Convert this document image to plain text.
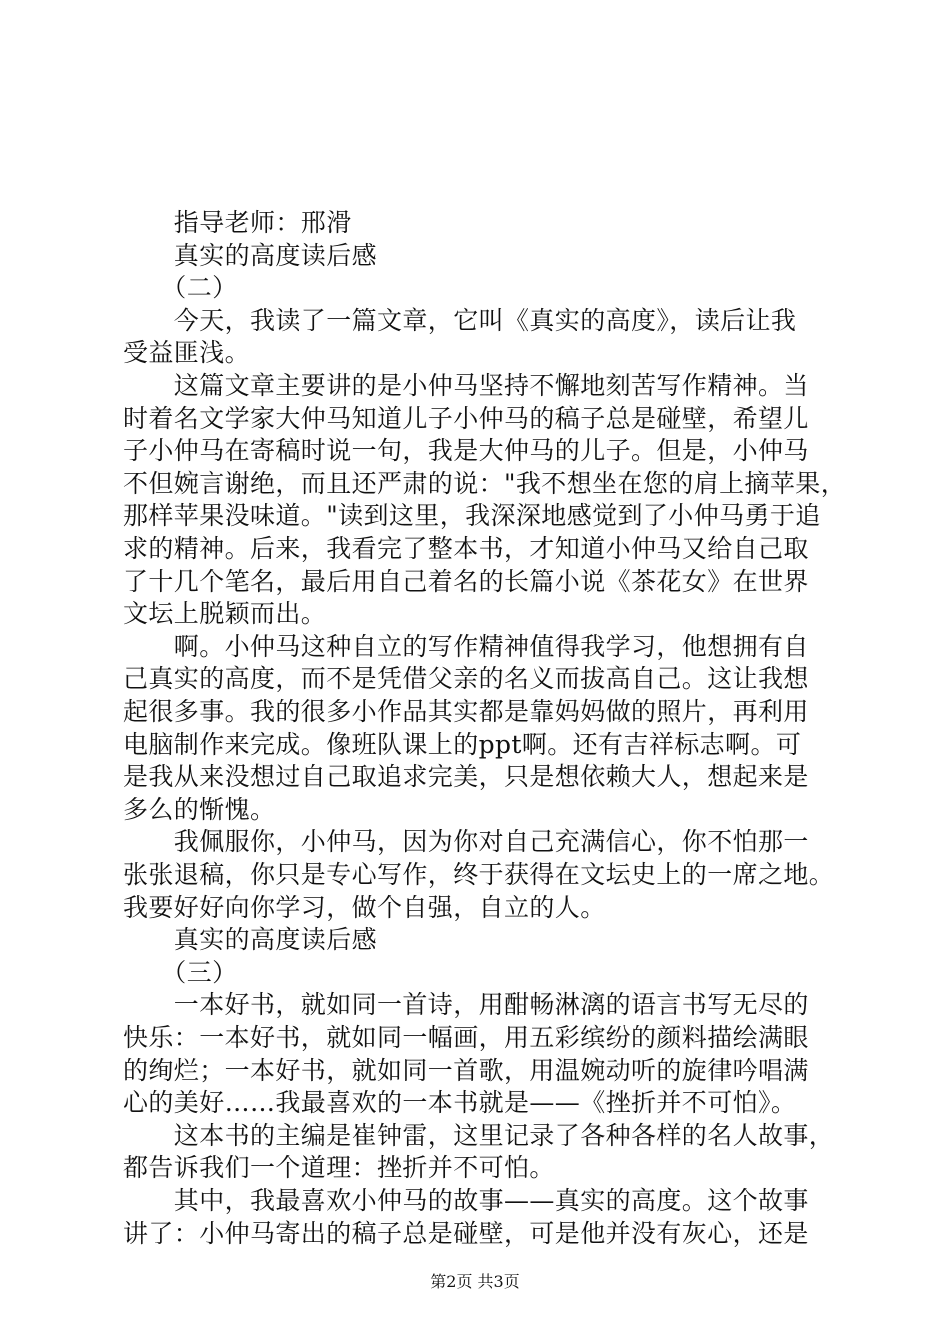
　　指导老师：邢滑
　　真实的高度读后感
　　（二）
　　今天，我读了一篇文章，它叫《真实的高度》，读后让我
受益匪浅。
　　这篇文章主要讲的是小仲马坚持不懈地刻苦写作精神。当
时着名文学家大仲马知道儿子小仲马的稿子总是碰壁，希望儿
子小仲马在寄稿时说一句，我是大仲马的儿子。但是，小仲马
不但婉言谢绝，而且还严肃的说："我不想坐在您的肩上摘苹果，
那样苹果没味道。"读到这里，我深深地感觉到了小仲马勇于追
求的精神。后来，我看完了整本书，才知道小仲马又给自己取
了十几个笔名，最后用自己着名的长篇小说《茶花女》在世界
文坛上脱颖而出。
　　啊。小仲马这种自立的写作精神值得我学习，他想拥有自
己真实的高度，而不是凭借父亲的名义而拔高自己。这让我想
起很多事。我的很多小作品其实都是靠妈妈做的照片，再利用
电脑制作来完成。像班队课上的ppt啊。还有吉祥标志啊。可
是我从来没想过自己取追求完美，只是想依赖大人，想起来是
多么的惭愧。
　　我佩服你，小仲马，因为你对自己充满信心，你不怕那一
张张退稿，你只是专心写作，终于获得在文坛史上的一席之地。
我要好好向你学习，做个自强，自立的人。
　　真实的高度读后感
　　（三）
　　一本好书，就如同一首诗，用酣畅淋漓的语言书写无尽的
快乐：一本好书，就如同一幅画，用五彩缤纷的颜料描绘满眼
的绚烂；一本好书，就如同一首歌，用温婉动听的旋律吟唱满
心的美好……我最喜欢的一本书就是——《挫折并不可怕》。
　　这本书的主编是崔钟雷，这里记录了各种各样的名人故事，
都告诉我们一个道理：挫折并不可怕。
　　其中，我最喜欢小仲马的故事——真实的高度。这个故事
讲了：小仲马寄出的稿子总是碰壁，可是他并没有灰心，还是
第2页 共3页
